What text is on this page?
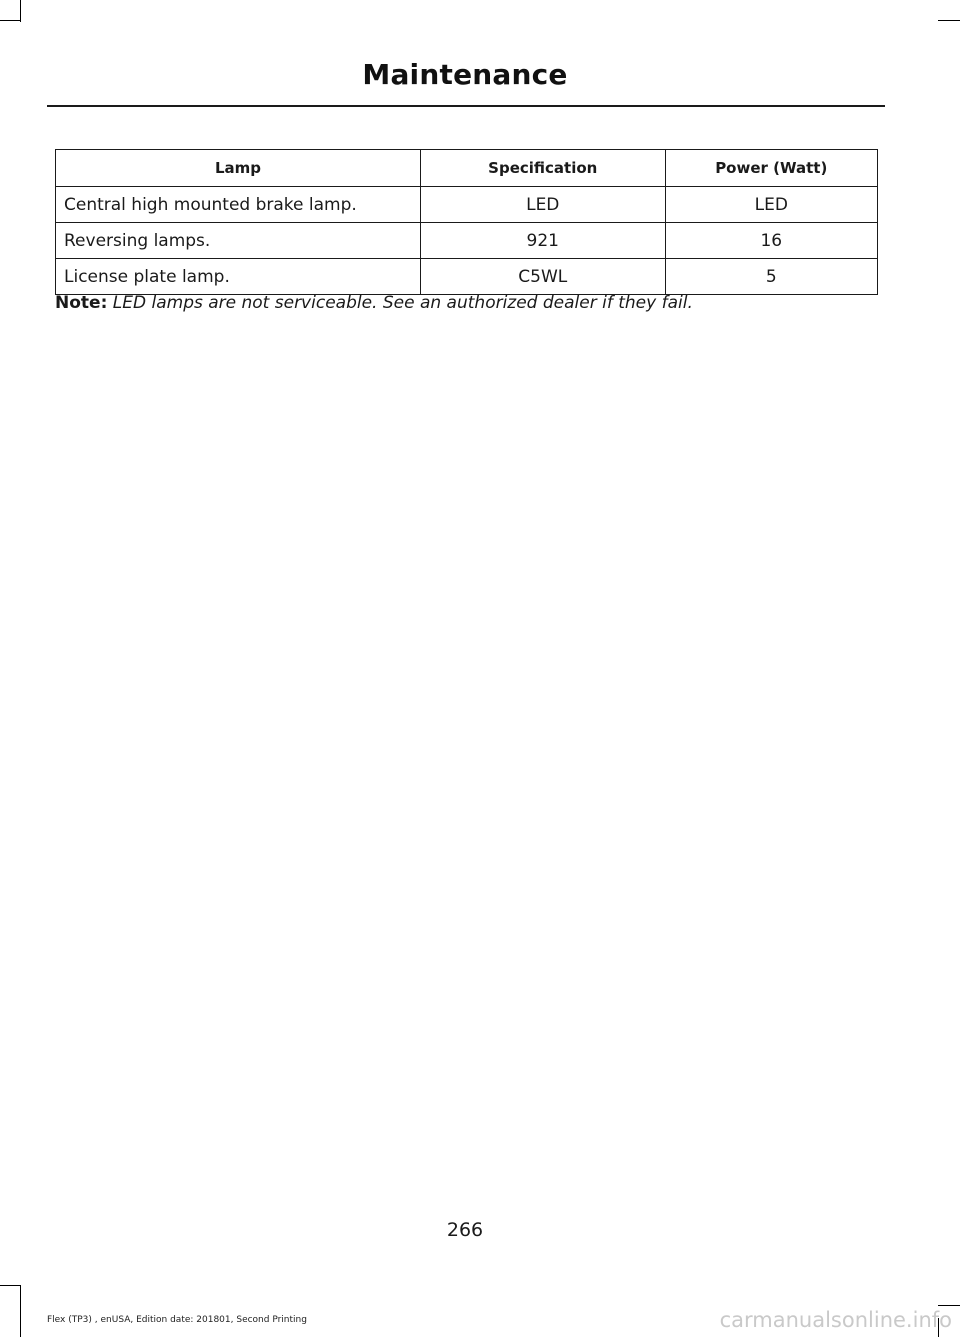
Maintenance
Lamp	Specification	Power (Watt)
Central high mounted brake lamp.	LED	LED
Reversing lamps.	921	16
License plate lamp.	C5WL	5
Note: LED lamps are not serviceable. See an authorized dealer if they fail.
266
Flex (TP3) , enUSA, Edition date: 201801, Second Printing	carmanualsonline.info
